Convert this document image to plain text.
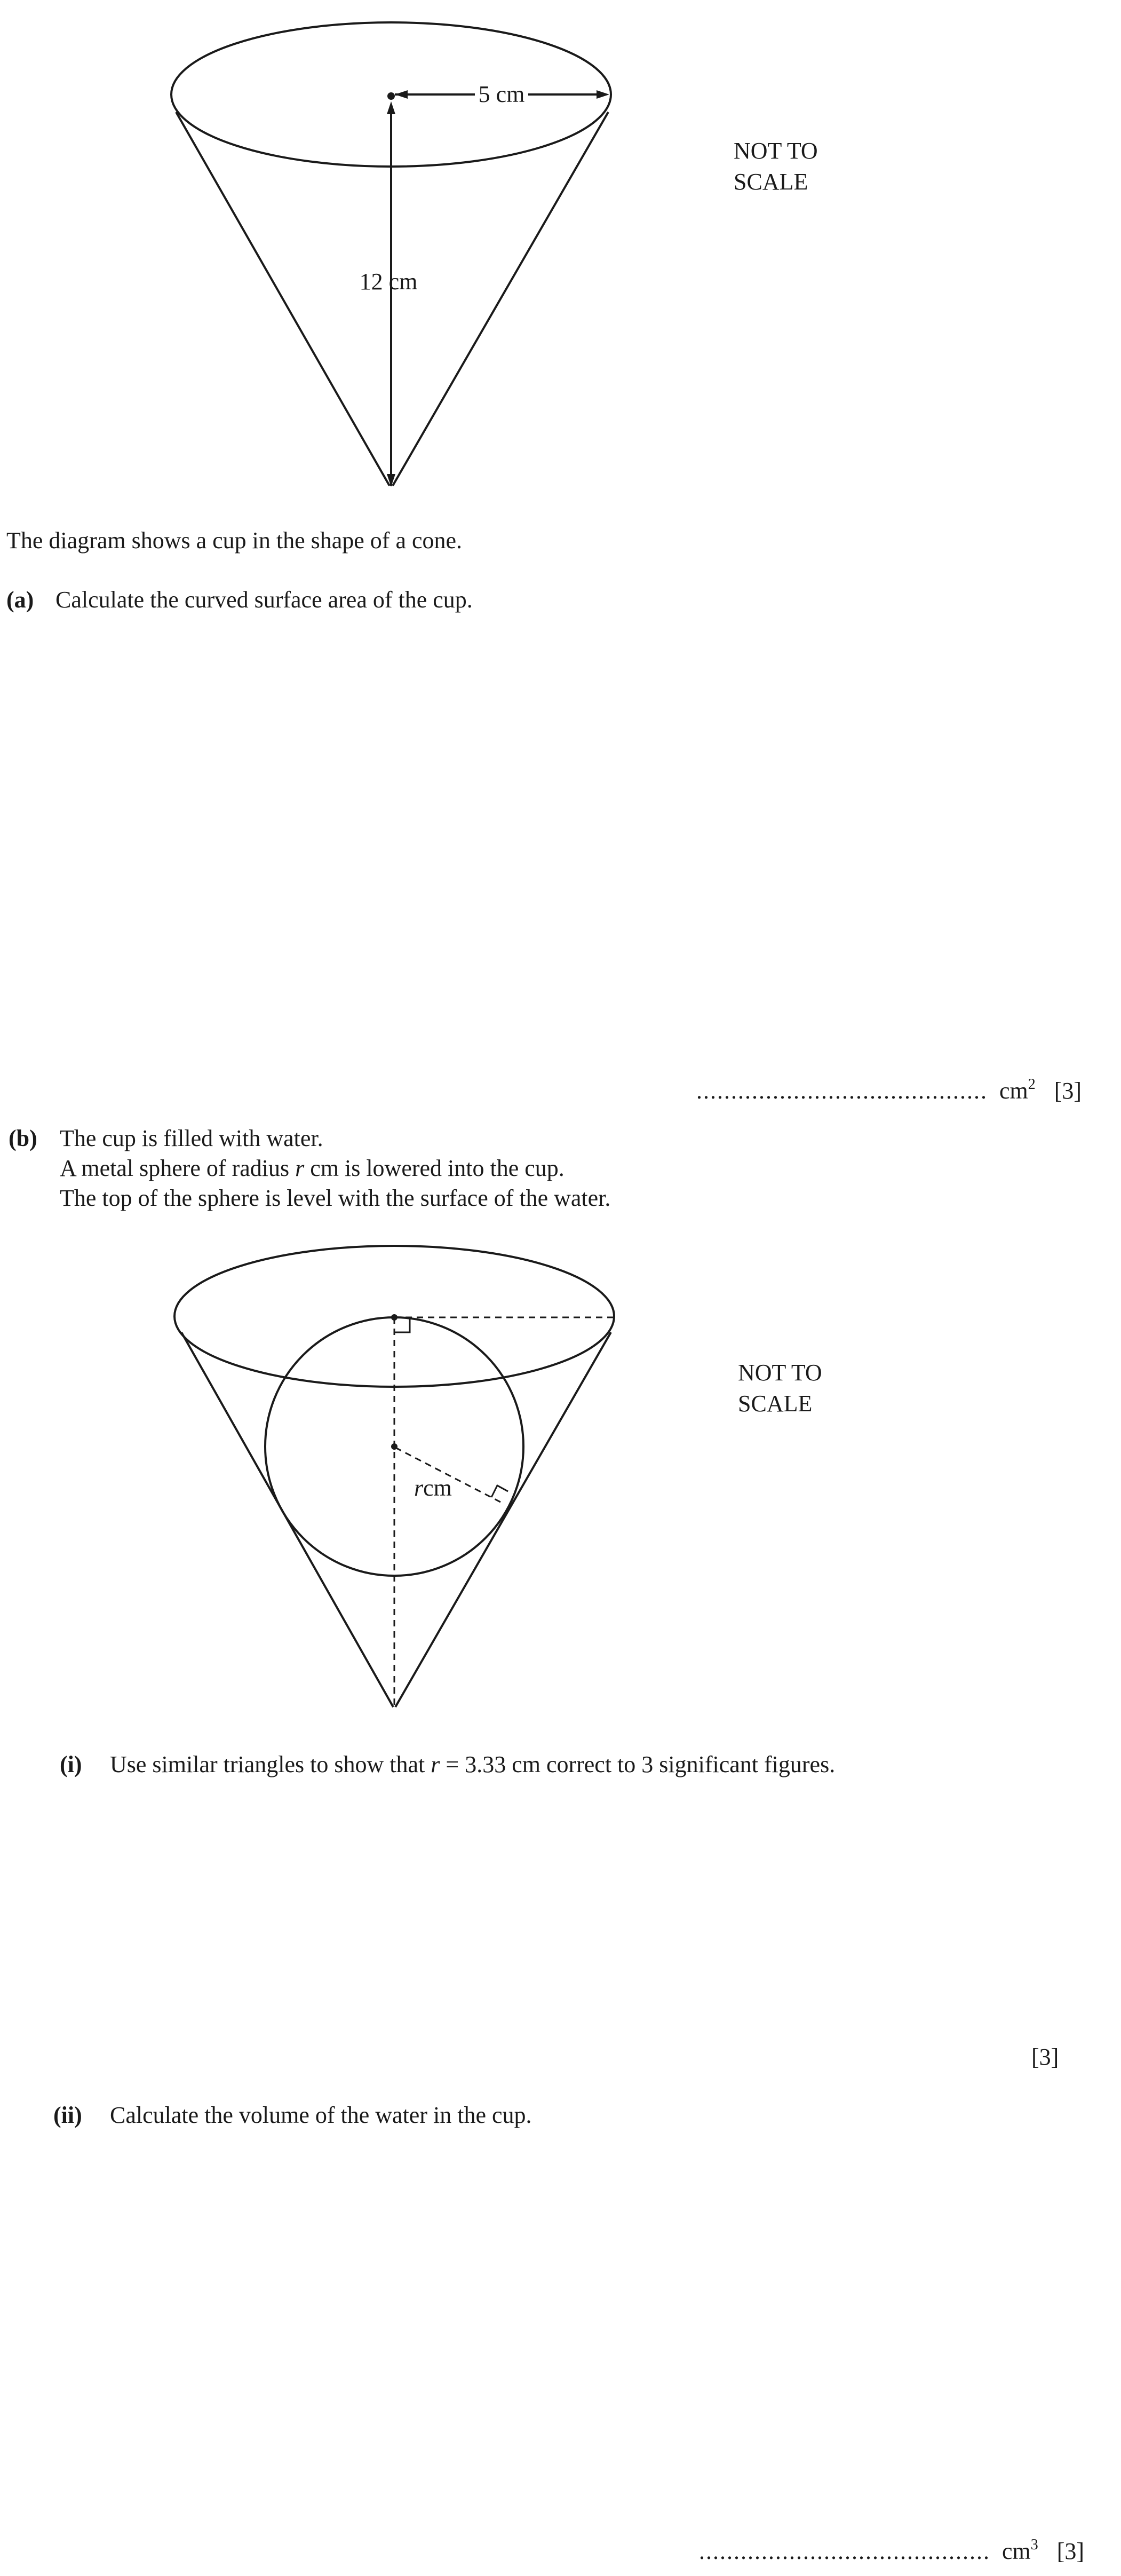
5 cm
12 cm
NOT TO
SCALE
The diagram shows a cup in the shape of a cone.
(a) Calculate the curved surface area of the cup.
.......................................... $cm^2$ [3]
(b) The cup is filled with water.
A metal sphere of radius r cm is lowered into the cup.
The top of the sphere is level with the surface of the water.
rcm
NOT TO
SCALE
(i) Use similar triangles to show that r = 3.33 cm correct to 3 significant figures.
[3]
(ii) Calculate the volume of the water in the cup.
.......................................... $cm^3$ [3]
